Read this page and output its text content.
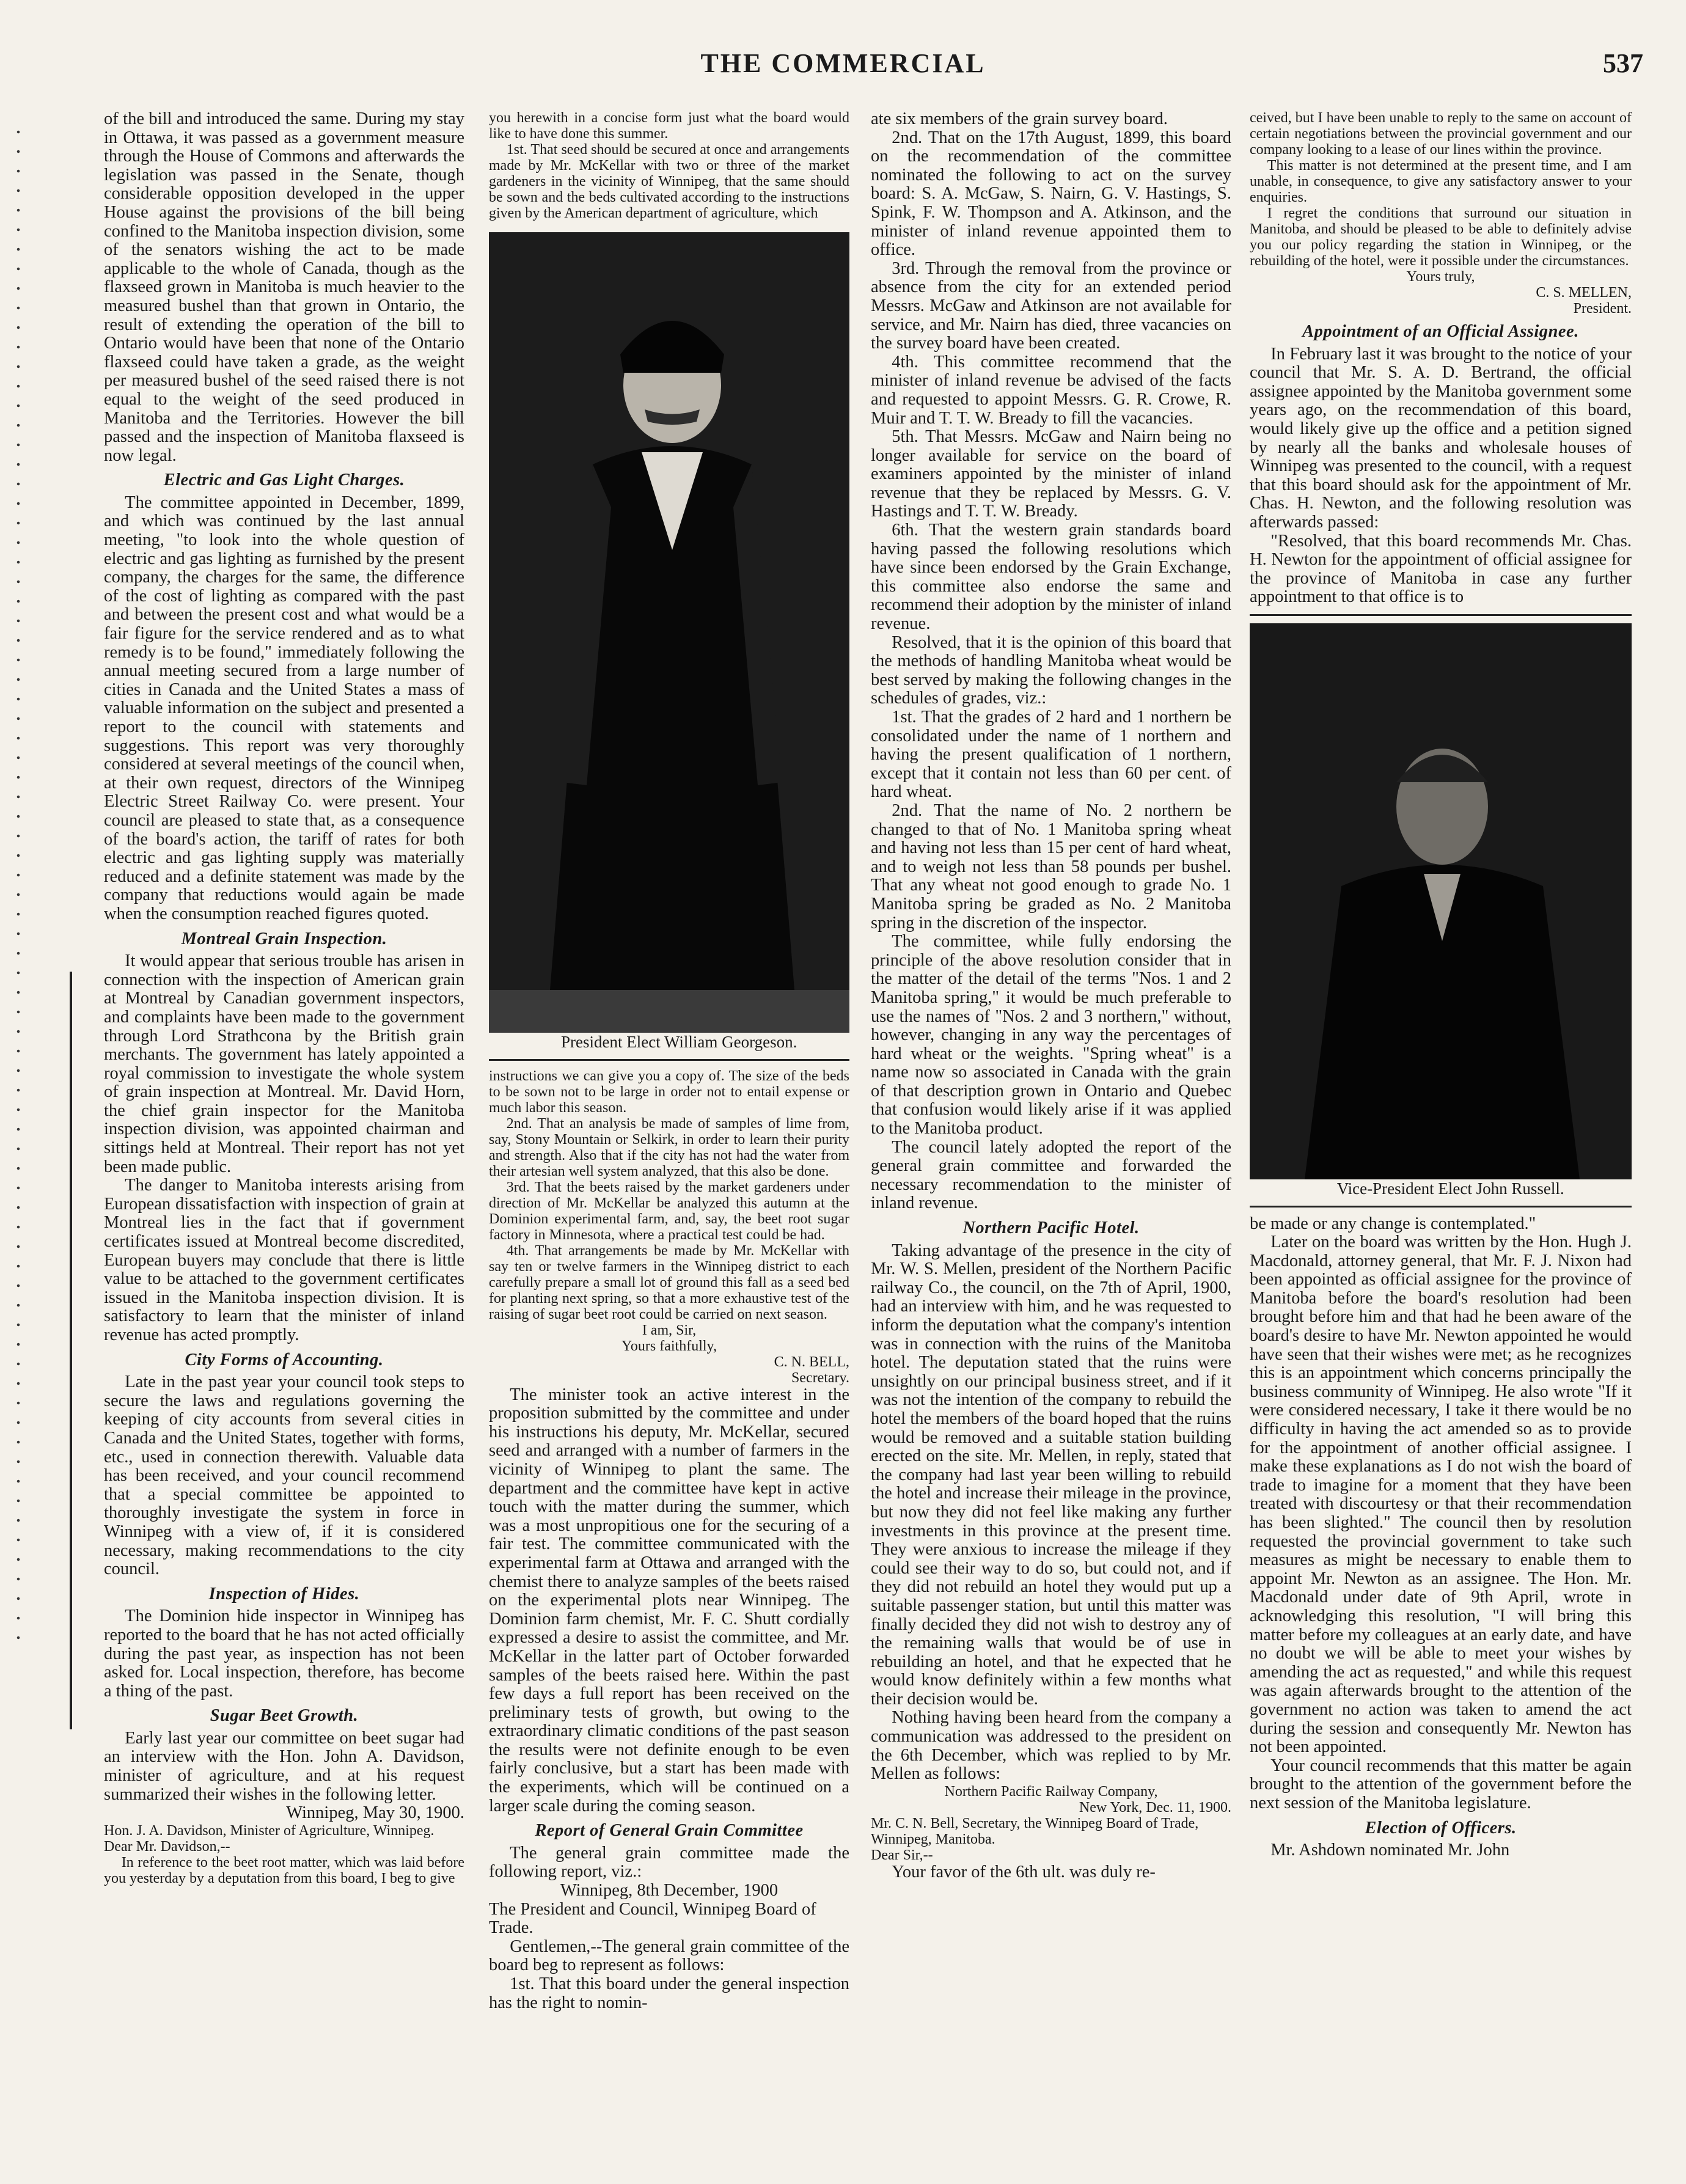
THE COMMERCIAL	537

of the bill and introduced the same. During my stay in Ottawa, it was passed as a government measure through the House of Commons and afterwards the legislation was passed in the Senate, though considerable opposition developed in the upper House against the provisions of the bill being confined to the Manitoba inspection division, some of the senators wishing the act to be made applicable to the whole of Canada, though as the flaxseed grown in Manitoba is much heavier to the measured bushel than that grown in Ontario, the result of extending the operation of the bill to Ontario would have been that none of the Ontario flaxseed could have taken a grade, as the weight per measured bushel of the seed raised there is not equal to the weight of the seed produced in Manitoba and the Territories. However the bill passed and the inspection of Manitoba flaxseed is now legal.

Electric and Gas Light Charges.

The committee appointed in December, 1899, and which was continued by the last annual meeting, "to look into the whole question of electric and gas lighting as furnished by the present company, the charges for the same, the difference of the cost of lighting as compared with the past and between the present cost and what would be a fair figure for the service rendered and as to what remedy is to be found," immediately following the annual meeting secured from a large number of cities in Canada and the United States a mass of valuable information on the subject and presented a report to the council with statements and suggestions. This report was very thoroughly considered at several meetings of the council when, at their own request, directors of the Winnipeg Electric Street Railway Co. were present. Your council are pleased to state that, as a consequence of the board's action, the tariff of rates for both electric and gas lighting supply was materially reduced and a definite statement was made by the company that reductions would again be made when the consumption reached figures quoted.

Montreal Grain Inspection.

It would appear that serious trouble has arisen in connection with the inspection of American grain at Montreal by Canadian government inspectors, and complaints have been made to the government through Lord Strathcona by the British grain merchants. The government has lately appointed a royal commission to investigate the whole system of grain inspection at Montreal. Mr. David Horn, the chief grain inspector for the Manitoba inspection division, was appointed chairman and sittings held at Montreal. Their report has not yet been made public.

The danger to Manitoba interests arising from European dissatisfaction with inspection of grain at Montreal lies in the fact that if government certificates issued at Montreal become discredited, European buyers may conclude that there is little value to be attached to the government certificates issued in the Manitoba inspection division. It is satisfactory to learn that the minister of inland revenue has acted promptly.

City Forms of Accounting.

Late in the past year your council took steps to secure the laws and regulations governing the keeping of city accounts from several cities in Canada and the United States, together with forms, etc., used in connection therewith. Valuable data has been received, and your council recommend that a special committee be appointed to thoroughly investigate the system in force in Winnipeg with a view of, if it is considered necessary, making recommendations to the city council.

Inspection of Hides.

The Dominion hide inspector in Winnipeg has reported to the board that he has not acted officially during the past year, as inspection has not been asked for. Local inspection, therefore, has become a thing of the past.

Sugar Beet Growth.

Early last year our committee on beet sugar had an interview with the Hon. John A. Davidson, minister of agriculture, and at his request summarized their wishes in the following letter.

Winnipeg, May 30, 1900.

Hon. J. A. Davidson, Minister of Agriculture, Winnipeg.

Dear Mr. Davidson,--

In reference to the beet root matter, which was laid before you yesterday by a deputation from this board, I beg to give

you herewith in a concise form just what the board would like to have done this summer.

1st. That seed should be secured at once and arrangements made by Mr. McKellar with two or three of the market gardeners in the vicinity of Winnipeg, that the same should be sown and the beds cultivated according to the instructions given by the American department of agriculture, which

President Elect William Georgeson.

instructions we can give you a copy of. The size of the beds to be sown not to be large in order not to entail expense or much labor this season.

2nd. That an analysis be made of samples of lime from, say, Stony Mountain or Selkirk, in order to learn their purity and strength. Also that if the city has not had the water from their artesian well system analyzed, that this also be done.

3rd. That the beets raised by the market gardeners under direction of Mr. McKellar be analyzed this autumn at the Dominion experimental farm, and, say, the beet root sugar factory in Minnesota, where a practical test could be had.

4th. That arrangements be made by Mr. McKellar with say ten or twelve farmers in the Winnipeg district to each carefully prepare a small lot of ground this fall as a seed bed for planting next spring, so that a more exhaustive test of the raising of sugar beet root could be carried on next season.

I am, Sir,

Yours faithfully,

C. N. BELL,

Secretary.

The minister took an active interest in the proposition submitted by the committee and under his instructions his deputy, Mr. McKellar, secured seed and arranged with a number of farmers in the vicinity of Winnipeg to plant the same. The department and the committee have kept in active touch with the matter during the summer, which was a most unpropitious one for the securing of a fair test. The committee communicated with the experimental farm at Ottawa and arranged with the chemist there to analyze samples of the beets raised on the experimental plots near Winnipeg. The Dominion farm chemist, Mr. F. C. Shutt cordially expressed a desire to assist the committee, and Mr. McKellar in the latter part of October forwarded samples of the beets raised here. Within the past few days a full report has been received on the preliminary tests of growth, but owing to the extraordinary climatic conditions of the past season the results were not definite enough to be even fairly conclusive, but a start has been made with the experiments, which will be continued on a larger scale during the coming season.

Report of General Grain Committee

The general grain committee made the following report, viz.:

Winnipeg, 8th December, 1900

The President and Council, Winnipeg Board of Trade.

Gentlemen,--The general grain committee of the board beg to represent as follows:

1st. That this board under the general inspection has the right to nomin-

ate six members of the grain survey board.

2nd. That on the 17th August, 1899, this board on the recommendation of the committee nominated the following to act on the survey board: S. A. McGaw, S. Nairn, G. V. Hastings, S. Spink, F. W. Thompson and A. Atkinson, and the minister of inland revenue appointed them to office.

3rd. Through the removal from the province or absence from the city for an extended period Messrs. McGaw and Atkinson are not available for service, and Mr. Nairn has died, three vacancies on the survey board have been created.

4th. This committee recommend that the minister of inland revenue be advised of the facts and requested to appoint Messrs. G. R. Crowe, R. Muir and T. T. W. Bready to fill the vacancies.

5th. That Messrs. McGaw and Nairn being no longer available for service on the board of examiners appointed by the minister of inland revenue that they be replaced by Messrs. G. V. Hastings and T. T. W. Bready.

6th. That the western grain standards board having passed the following resolutions which have since been endorsed by the Grain Exchange, this committee also endorse the same and recommend their adoption by the minister of inland revenue.

Resolved, that it is the opinion of this board that the methods of handling Manitoba wheat would be best served by making the following changes in the schedules of grades, viz.:

1st. That the grades of 2 hard and 1 northern be consolidated under the name of 1 northern and having the present qualification of 1 northern, except that it contain not less than 60 per cent. of hard wheat.

2nd. That the name of No. 2 northern be changed to that of No. 1 Manitoba spring wheat and having not less than 15 per cent of hard wheat, and to weigh not less than 58 pounds per bushel. That any wheat not good enough to grade No. 1 Manitoba spring be graded as No. 2 Manitoba spring in the discretion of the inspector.

The committee, while fully endorsing the principle of the above resolution consider that in the matter of the detail of the terms "Nos. 1 and 2 Manitoba spring," it would be much preferable to use the names of "Nos. 2 and 3 northern," without, however, changing in any way the percentages of hard wheat or the weights. "Spring wheat" is a name now so associated in Canada with the grain of that description grown in Ontario and Quebec that confusion would likely arise if it was applied to the Manitoba product.

The council lately adopted the report of the general grain committee and forwarded the necessary recommendation to the minister of inland revenue.

Northern Pacific Hotel.

Taking advantage of the presence in the city of Mr. W. S. Mellen, president of the Northern Pacific railway Co., the council, on the 7th of April, 1900, had an interview with him, and he was requested to inform the deputation what the company's intention was in connection with the ruins of the Manitoba hotel. The deputation stated that the ruins were unsightly on our principal business street, and if it was not the intention of the company to rebuild the hotel the members of the board hoped that the ruins would be removed and a suitable station building erected on the site. Mr. Mellen, in reply, stated that the company had last year been willing to rebuild the hotel and increase their mileage in the province, but now they did not feel like making any further investments in this province at the present time. They were anxious to increase the mileage if they could see their way to do so, but could not, and if they did not rebuild an hotel they would put up a suitable passenger station, but until this matter was finally decided they did not wish to destroy any of the remaining walls that would be of use in rebuilding an hotel, and that he expected that he would know definitely within a few months what their decision would be.

Nothing having been heard from the company a communication was addressed to the president on the 6th December, which was replied to by Mr. Mellen as follows:

Northern Pacific Railway Company,

New York, Dec. 11, 1900.

Mr. C. N. Bell, Secretary, the Winnipeg Board of Trade, Winnipeg, Manitoba.

Dear Sir,--

Your favor of the 6th ult. was duly re-

ceived, but I have been unable to reply to the same on account of certain negotiations between the provincial government and our company looking to a lease of our lines within the province.

This matter is not determined at the present time, and I am unable, in consequence, to give any satisfactory answer to your enquiries.

I regret the conditions that surround our situation in Manitoba, and should be pleased to be able to definitely advise you our policy regarding the station in Winnipeg, or the rebuilding of the hotel, were it possible under the circumstances.

Yours truly,

C. S. MELLEN,

President.

Appointment of an Official Assignee.

In February last it was brought to the notice of your council that Mr. S. A. D. Bertrand, the official assignee appointed by the Manitoba government some years ago, on the recommendation of this board, would likely give up the office and a petition signed by nearly all the banks and wholesale houses of Winnipeg was presented to the council, with a request that this board should ask for the appointment of Mr. Chas. H. Newton, and the following resolution was afterwards passed:

"Resolved, that this board recommends Mr. Chas. H. Newton for the appointment of official assignee for the province of Manitoba in case any further appointment to that office is to

Vice-President Elect John Russell.

be made or any change is contemplated."

Later on the board was written by the Hon. Hugh J. Macdonald, attorney general, that Mr. F. J. Nixon had been appointed as official assignee for the province of Manitoba before the board's resolution had been brought before him and that had he been aware of the board's desire to have Mr. Newton appointed he would have seen that their wishes were met; as he recognizes this is an appointment which concerns principally the business community of Winnipeg. He also wrote "If it were considered necessary, I take it there would be no difficulty in having the act amended so as to provide for the appointment of another official assignee. I make these explanations as I do not wish the board of trade to imagine for a moment that they have been treated with discourtesy or that their recommendation has been slighted." The council then by resolution requested the provincial government to take such measures as might be necessary to enable them to appoint Mr. Newton as an assignee. The Hon. Mr. Macdonald under date of 9th April, wrote in acknowledging this resolution, "I will bring this matter before my colleagues at an early date, and have no doubt we will be able to meet your wishes by amending the act as requested," and while this request was again afterwards brought to the attention of the government no action was taken to amend the act during the session and consequently Mr. Newton has not been appointed.

Your council recommends that this matter be again brought to the attention of the government before the next session of the Manitoba legislature.

Election of Officers.

Mr. Ashdown nominated Mr. John
